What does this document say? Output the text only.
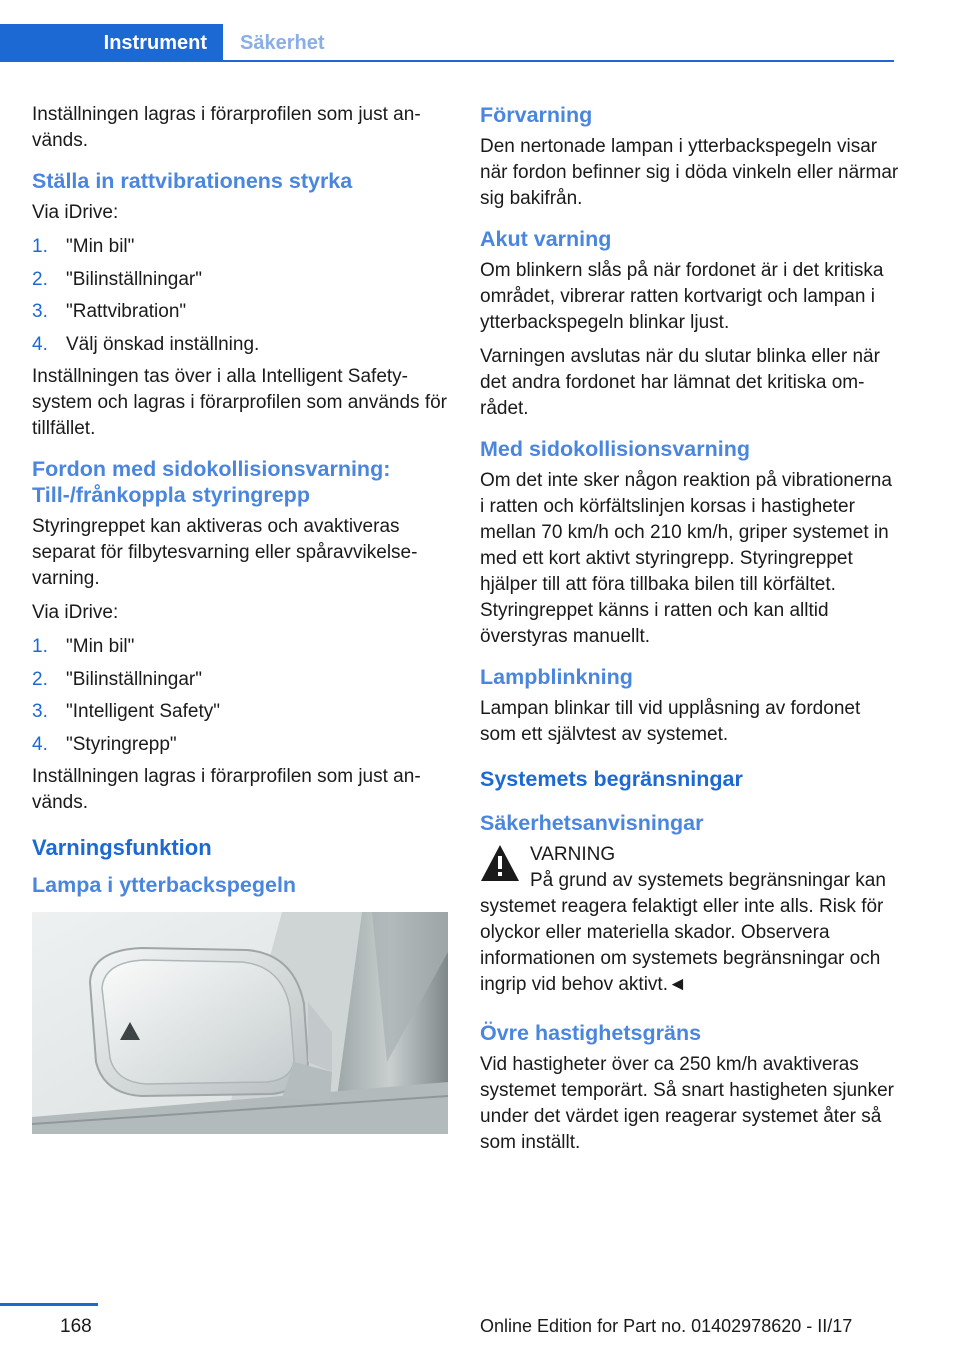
Instrument	Säkerhet

Inställningen lagras i förarprofilen som just används.

Ställa in rattvibrationens styrka

Via iDrive:

1. "Min bil"
2. "Bilinställningar"
3. "Rattvibration"
4. Välj önskad inställning.

Inställningen tas över i alla Intelligent Safety-system och lagras i förarprofilen som används för tillfället.

Fordon med sidokollisionsvarning: Till-/frånkoppla styringrepp

Styringreppet kan aktiveras och avaktiveras separat för filbytesvarning eller spåravvikelsevarning.

Via iDrive:

1. "Min bil"
2. "Bilinställningar"
3. "Intelligent Safety"
4. "Styringrepp"

Inställningen lagras i förarprofilen som just används.

Varningsfunktion
Lampa i ytterbackspegeln
Förvarning

Den nertonade lampan i ytterbackspegeln visar när fordon befinner sig i döda vinkeln eller närmar sig bakifrån.

Akut varning

Om blinkern slås på när fordonet är i det kritiska området, vibrerar ratten kortvarigt och lampan i ytterbackspegeln blinkar ljust.

Varningen avslutas när du slutar blinka eller när det andra fordonet har lämnat det kritiska området.

Med sidokollisionsvarning

Om det inte sker någon reaktion på vibrationerna i ratten och körfältslinjen korsas i hastigheter mellan 70 km/h och 210 km/h, griper systemet in med ett kort aktivt styringrepp. Styringreppet hjälper till att föra tillbaka bilen till körfältet. Styringreppet känns i ratten och kan alltid överstyras manuellt.

Lampblinkning

Lampan blinkar till vid upplåsning av fordonet som ett självtest av systemet.

Systemets begränsningar
Säkerhetsanvisningar
VARNING
På grund av systemets begränsningar kan systemet reagera felaktigt eller inte alls. Risk för olyckor eller materiella skador. Observera informationen om systemets begränsningar och ingrip vid behov aktivt.◄
Övre hastighetsgräns

Vid hastigheter över ca 250 km/h avaktiveras systemet temporärt. Så snart hastigheten sjunker under det värdet igen reagerar systemet åter så som inställt.

168	Online Edition for Part no. 01402978620 - II/17
